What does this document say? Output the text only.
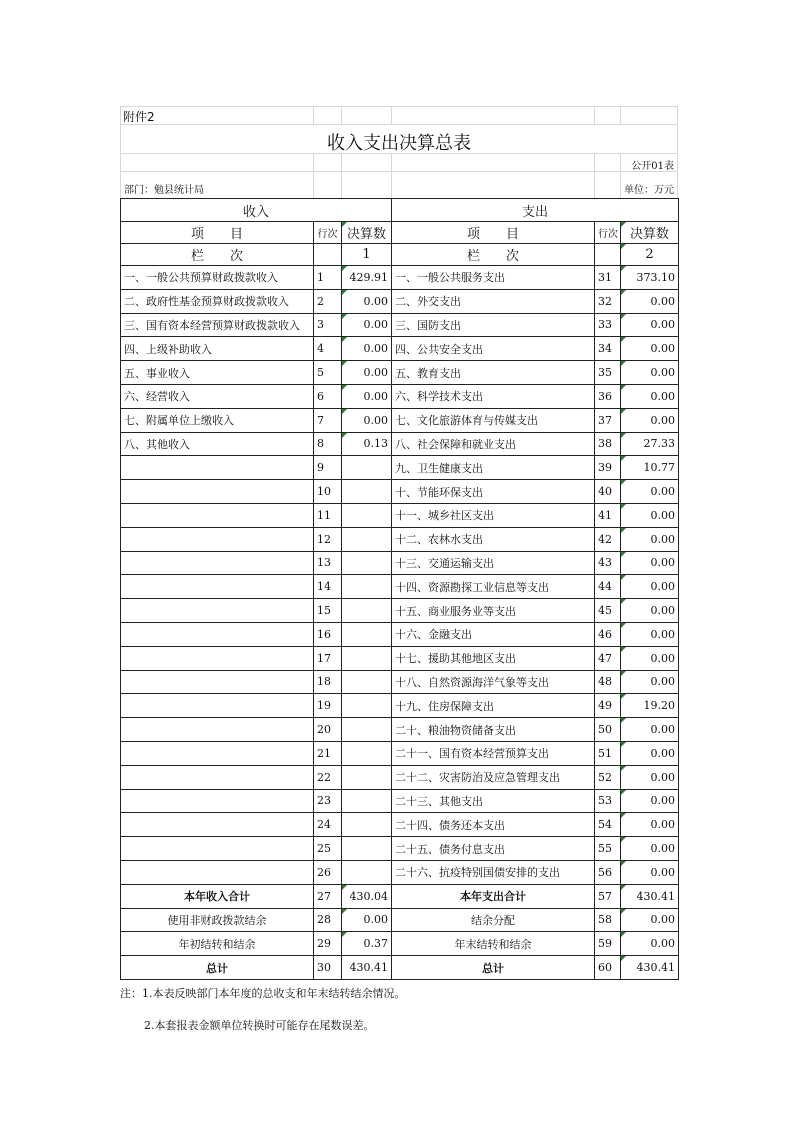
附件2
收入支出决算总表
公开01表
部门：勉县统计局	单位：万元
收入			支出		
项　　目	行次	决算数	项　　目	行次	决算数
栏　　次		1	栏　　次		2
一、一般公共预算财政拨款收入	1	429.91	一、一般公共服务支出	31	373.10
二、政府性基金预算财政拨款收入	2	0.00	二、外交支出	32	0.00
三、国有资本经营预算财政拨款收入	3	0.00	三、国防支出	33	0.00
四、上级补助收入	4	0.00	四、公共安全支出	34	0.00
五、事业收入	5	0.00	五、教育支出	35	0.00
六、经营收入	6	0.00	六、科学技术支出	36	0.00
七、附属单位上缴收入	7	0.00	七、文化旅游体育与传媒支出	37	0.00
八、其他收入	8	0.13	八、社会保障和就业支出	38	27.33
	9		九、卫生健康支出	39	10.77
	10		十、节能环保支出	40	0.00
	11		十一、城乡社区支出	41	0.00
	12		十二、农林水支出	42	0.00
	13		十三、交通运输支出	43	0.00
	14		十四、资源勘探工业信息等支出	44	0.00
	15		十五、商业服务业等支出	45	0.00
	16		十六、金融支出	46	0.00
	17		十七、援助其他地区支出	47	0.00
	18		十八、自然资源海洋气象等支出	48	0.00
	19		十九、住房保障支出	49	19.20
	20		二十、粮油物资储备支出	50	0.00
	21		二十一、国有资本经营预算支出	51	0.00
	22		二十二、灾害防治及应急管理支出	52	0.00
	23		二十三、其他支出	53	0.00
	24		二十四、债务还本支出	54	0.00
	25		二十五、债务付息支出	55	0.00
	26		二十六、抗疫特别国债安排的支出	56	0.00
本年收入合计	27	430.04	本年支出合计	57	430.41
使用非财政拨款结余	28	0.00	结余分配	58	0.00
年初结转和结余	29	0.37	年末结转和结余	59	0.00
总计	30	430.41	总计	60	430.41
注：1.本表反映部门本年度的总收支和年末结转结余情况。
2.本套报表金额单位转换时可能存在尾数误差。
